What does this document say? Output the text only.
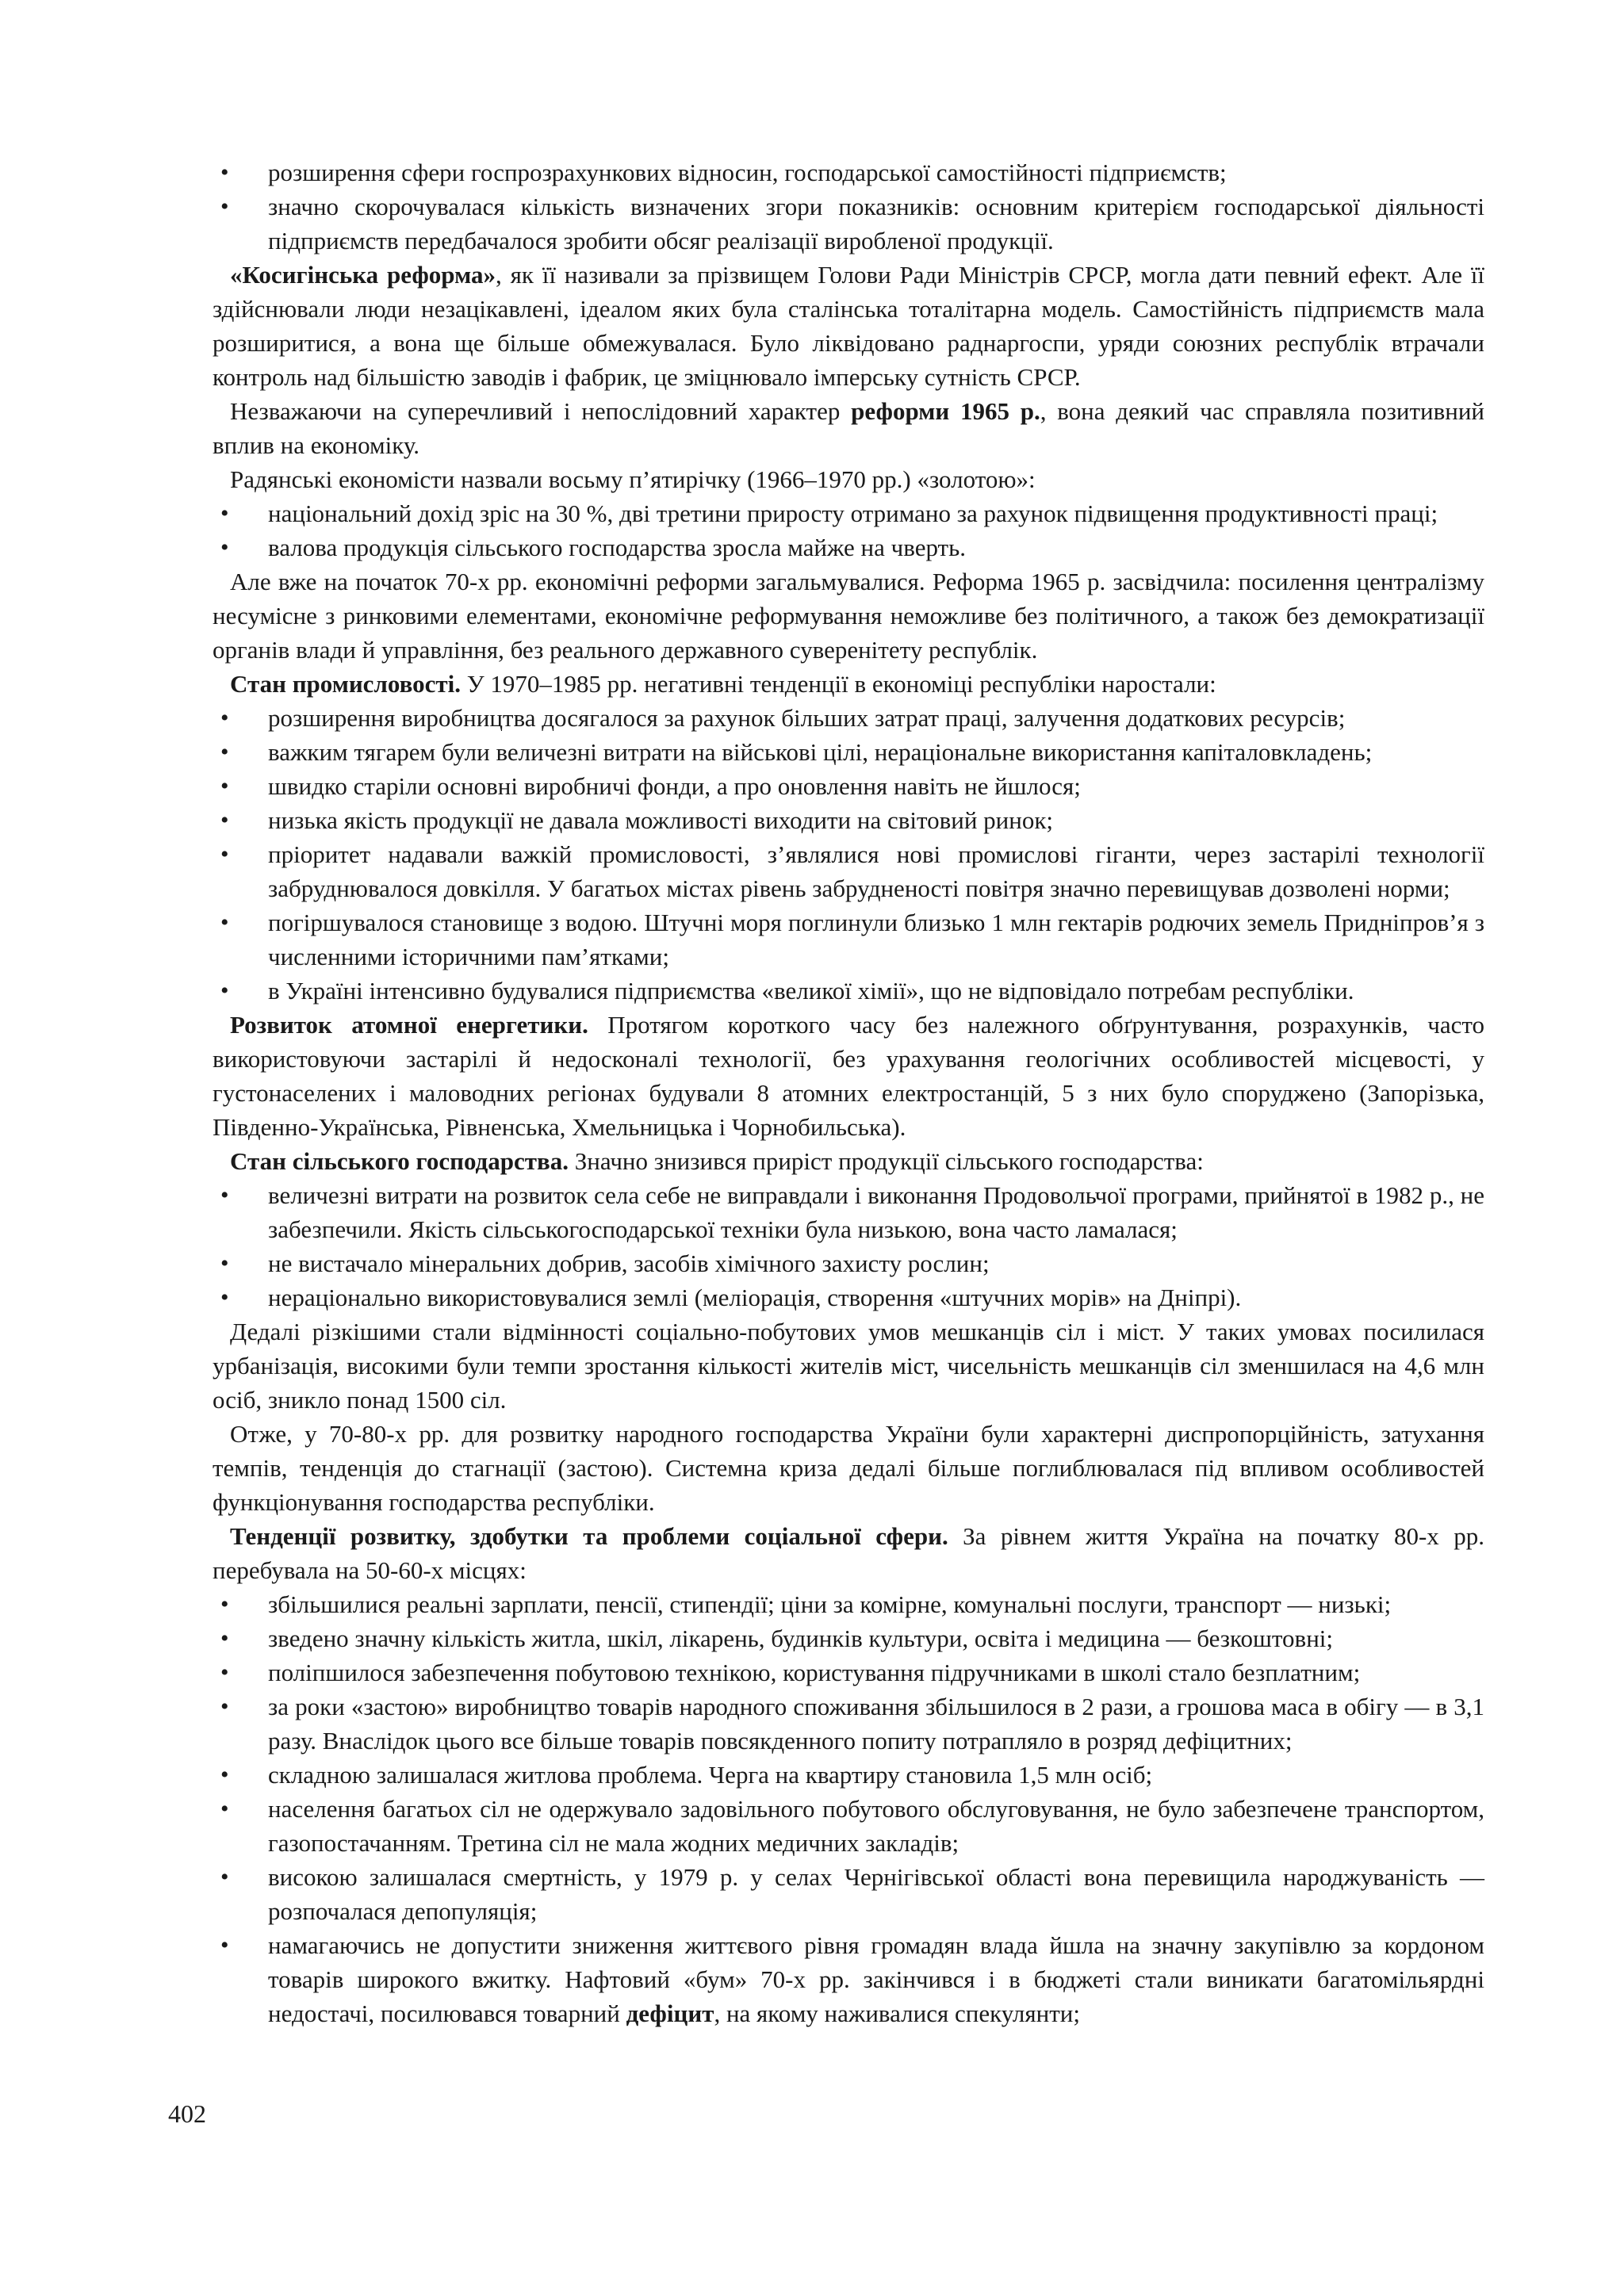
• розширення сфери госпрозрахункових відносин, господарської самостійності підприємств;
• значно скорочувалася кількість визначених згори показників: основним критерієм господарської діяльності підприємств передбачалося зробити обсяг реалізації виробленої продукції.

«Косигінська реформа», як її називали за прізвищем Голови Ради Міністрів СРСР, могла дати певний ефект. Але її здійснювали люди незацікавлені, ідеалом яких була сталінська тоталітарна модель. Самостійність підприємств мала розширитися, а вона ще більше обмежувалася. Було ліквідовано раднаргоспи, уряди союзних республік втрачали контроль над більшістю заводів і фабрик, це зміцнювало імперську сутність СРСР.

Незважаючи на суперечливий і непослідовний характер реформи 1965 р., вона деякий час справляла позитивний вплив на економіку.

Радянські економісти назвали восьму п’ятирічку (1966–1970 рр.) «золотою»:

• національний дохід зріс на 30 %, дві третини приросту отримано за рахунок підвищення продуктивності праці;
• валова продукція сільського господарства зросла майже на чверть.

Але вже на початок 70-х рр. економічні реформи загальмувалися. Реформа 1965 р. засвідчила: посилення централізму несумісне з ринковими елементами, економічне реформування неможливе без політичного, а також без демократизації органів влади й управління, без реального державного суверенітету республік.

Стан промисловості. У 1970–1985 рр. негативні тенденції в економіці республіки наростали:

• розширення виробництва досягалося за рахунок більших затрат праці, залучення додаткових ресурсів;
• важким тягарем були величезні витрати на військові цілі, нераціональне використання капіталовкладень;
• швидко старіли основні виробничі фонди, а про оновлення навіть не йшлося;
• низька якість продукції не давала можливості виходити на світовий ринок;
• пріоритет надавали важкій промисловості, з’являлися нові промислові гіганти, через застарілі технології забруднювалося довкілля. У багатьох містах рівень забрудненості повітря значно перевищував дозволені норми;
• погіршувалося становище з водою. Штучні моря поглинули близько 1 млн гектарів родючих земель Придніпров’я з численними історичними пам’ятками;
• в Україні інтенсивно будувалися підприємства «великої хімії», що не відповідало потребам республіки.

Розвиток атомної енергетики. Протягом короткого часу без належного обґрунтування, розрахунків, часто використовуючи застарілі й недосконалі технології, без урахування геологічних особливостей місцевості, у густонаселених і маловодних регіонах будували 8 атомних електростанцій, 5 з них було споруджено (Запорізька, Південно-Українська, Рівненська, Хмельницька і Чорнобильська).

Стан сільського господарства. Значно знизився приріст продукції сільського господарства:

• величезні витрати на розвиток села себе не виправдали і виконання Продовольчої програми, прийнятої в 1982 р., не забезпечили. Якість сільськогосподарської техніки була низькою, вона часто ламалася;
• не вистачало мінеральних добрив, засобів хімічного захисту рослин;
• нераціонально використовувалися землі (меліорація, створення «штучних морів» на Дніпрі).

Дедалі різкішими стали відмінності соціально-побутових умов мешканців сіл і міст. У таких умовах посилилася урбанізація, високими були темпи зростання кількості жителів міст, чисельність мешканців сіл зменшилася на 4,6 млн осіб, зникло понад 1500 сіл.

Отже, у 70-80-х рр. для розвитку народного господарства України були характерні диспропорційність, затухання темпів, тенденція до стагнації (застою). Системна криза дедалі більше поглиблювалася під впливом особливостей функціонування господарства республіки.

Тенденції розвитку, здобутки та проблеми соціальної сфери. За рівнем життя Україна на початку 80-х рр. перебувала на 50-60-х місцях:

• збільшилися реальні зарплати, пенсії, стипендії; ціни за комірне, комунальні послуги, транспорт — низькі;
• зведено значну кількість житла, шкіл, лікарень, будинків культури, освіта і медицина — безкоштовні;
• поліпшилося забезпечення побутовою технікою, користування підручниками в школі стало безплатним;
• за роки «застою» виробництво товарів народного споживання збільшилося в 2 рази, а грошова маса в обігу — в 3,1 разу. Внаслідок цього все більше товарів повсякденного попиту потрапляло в розряд дефіцитних;
• складною залишалася житлова проблема. Черга на квартиру становила 1,5 млн осіб;
• населення багатьох сіл не одержувало задовільного побутового обслуговування, не було забезпечене транспортом, газопостачанням. Третина сіл не мала жодних медичних закладів;
• високою залишалася смертність, у 1979 р. у селах Чернігівської області вона перевищила народжуваність — розпочалася депопуляція;
• намагаючись не допустити зниження життєвого рівня громадян влада йшла на значну закупівлю за кордоном товарів широкого вжитку. Нафтовий «бум» 70-х рр. закінчився і в бюджеті стали виникати багатомільярдні недостачі, посилювався товарний дефіцит, на якому наживалися спекулянти;
402
